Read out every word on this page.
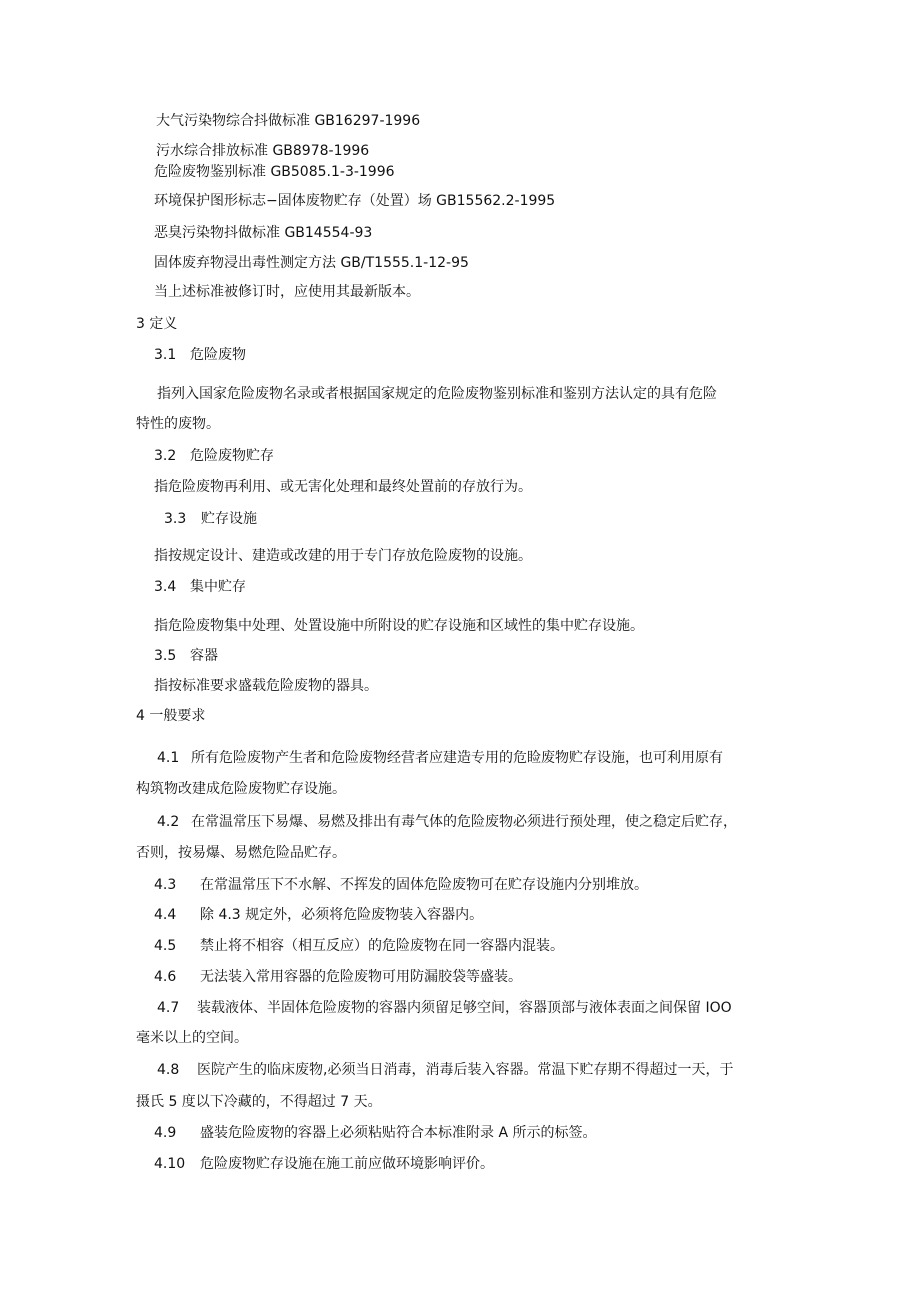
大气污染物综合抖做标准 GB16297-1996
污水综合排放标准 GB8978-1996
危险废物鉴别标准 GB5085.1-3-1996
环境保护图形标志−固体废物贮存（处置）场 GB15562.2-1995
恶臭污染物抖做标准 GB14554-93
固体废弃物浸出毒性测定方法 GB/T1555.1-12-95
当上述标准被修订时，应使用其最新版本。
3 定义
3.1 危险废物
指列入国家危险废物名录或者根据国家规定的危险废物鉴别标准和鉴别方法认定的具有危险
特性的废物。
3.2 危险废物贮存
指危险废物再利用、或无害化处理和最终处置前的存放行为。
3.3 贮存设施
指按规定设计、建造或改建的用于专门存放危险废物的设施。
3.4 集中贮存
指危险废物集中处理、处置设施中所附设的贮存设施和区域性的集中贮存设施。
3.5 容器
指按标准要求盛载危险废物的器具。
4 一般要求
4.1 所有危险废物产生者和危险废物经营者应建造专用的危睑废物贮存设施，也可利用原有
构筑物改建成危险废物贮存设施。
4.2 在常温常压下易爆、易燃及排出有毒气体的危险废物必须进行预处理，使之稳定后贮存，
否则，按易爆、易燃危险品贮存。
4.3 在常温常压下不水解、不挥发的固体危险废物可在贮存设施内分别堆放。
4.4 除 4.3 规定外，必须将危险废物装入容器内。
4.5 禁止将不相容（相互反应）的危险废物在同一容器内混装。
4.6 无法装入常用容器的危险废物可用防漏胶袋等盛装。
4.7 装载液体、半固体危险废物的容器内须留足够空间，容器顶部与液体表面之间保留 IOO
毫米以上的空间。
4.8 医院产生的临床废物,必须当日消毒，消毒后装入容器。常温下贮存期不得超过一天，于
摄氏 5 度以下冷藏的，不得超过 7 天。
4.9 盛装危险废物的容器上必须粘贴符合本标准附录 A 所示的标签。
4.10 危险废物贮存设施在施工前应做环境影响评价。
